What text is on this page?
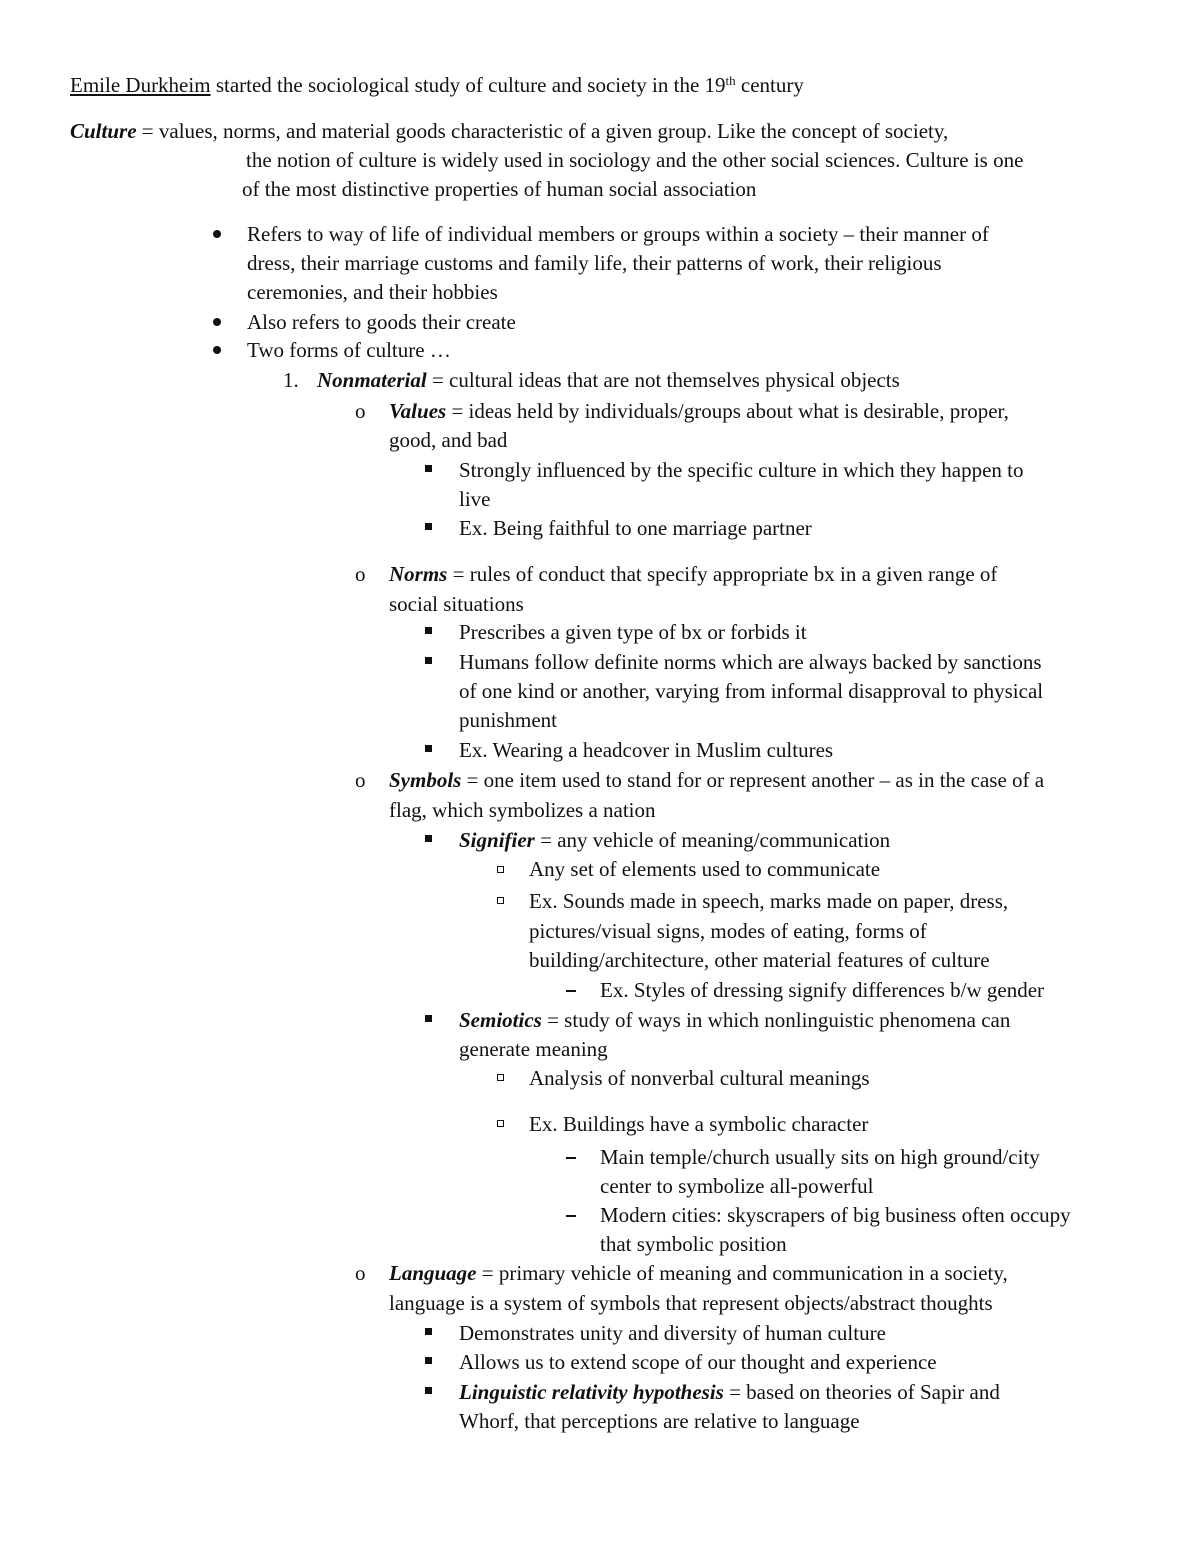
Emile Durkheim started the sociological study of culture and society in the 19th century
Culture = values, norms, and material goods characteristic of a given group. Like the concept of society,
the notion of culture is widely used in sociology and the other social sciences. Culture is one
of the most distinctive properties of human social association
Refers to way of life of individual members or groups within a society – their manner of
dress, their marriage customs and family life, their patterns of work, their religious
ceremonies, and their hobbies
Also refers to goods their create
Two forms of culture …
1. Nonmaterial = cultural ideas that are not themselves physical objects
o Values = ideas held by individuals/groups about what is desirable, proper,
good, and bad
Strongly influenced by the specific culture in which they happen to
live
Ex. Being faithful to one marriage partner
o Norms = rules of conduct that specify appropriate bx in a given range of
social situations
Prescribes a given type of bx or forbids it
Humans follow definite norms which are always backed by sanctions
of one kind or another, varying from informal disapproval to physical
punishment
Ex. Wearing a headcover in Muslim cultures
o Symbols = one item used to stand for or represent another – as in the case of a
flag, which symbolizes a nation
Signifier = any vehicle of meaning/communication
Any set of elements used to communicate
Ex. Sounds made in speech, marks made on paper, dress,
pictures/visual signs, modes of eating, forms of
building/architecture, other material features of culture
Ex. Styles of dressing signify differences b/w gender
Semiotics = study of ways in which nonlinguistic phenomena can
generate meaning
Analysis of nonverbal cultural meanings
Ex. Buildings have a symbolic character
Main temple/church usually sits on high ground/city
center to symbolize all-powerful
Modern cities: skyscrapers of big business often occupy
that symbolic position
o Language = primary vehicle of meaning and communication in a society,
language is a system of symbols that represent objects/abstract thoughts
Demonstrates unity and diversity of human culture
Allows us to extend scope of our thought and experience
Linguistic relativity hypothesis = based on theories of Sapir and
Whorf, that perceptions are relative to language
